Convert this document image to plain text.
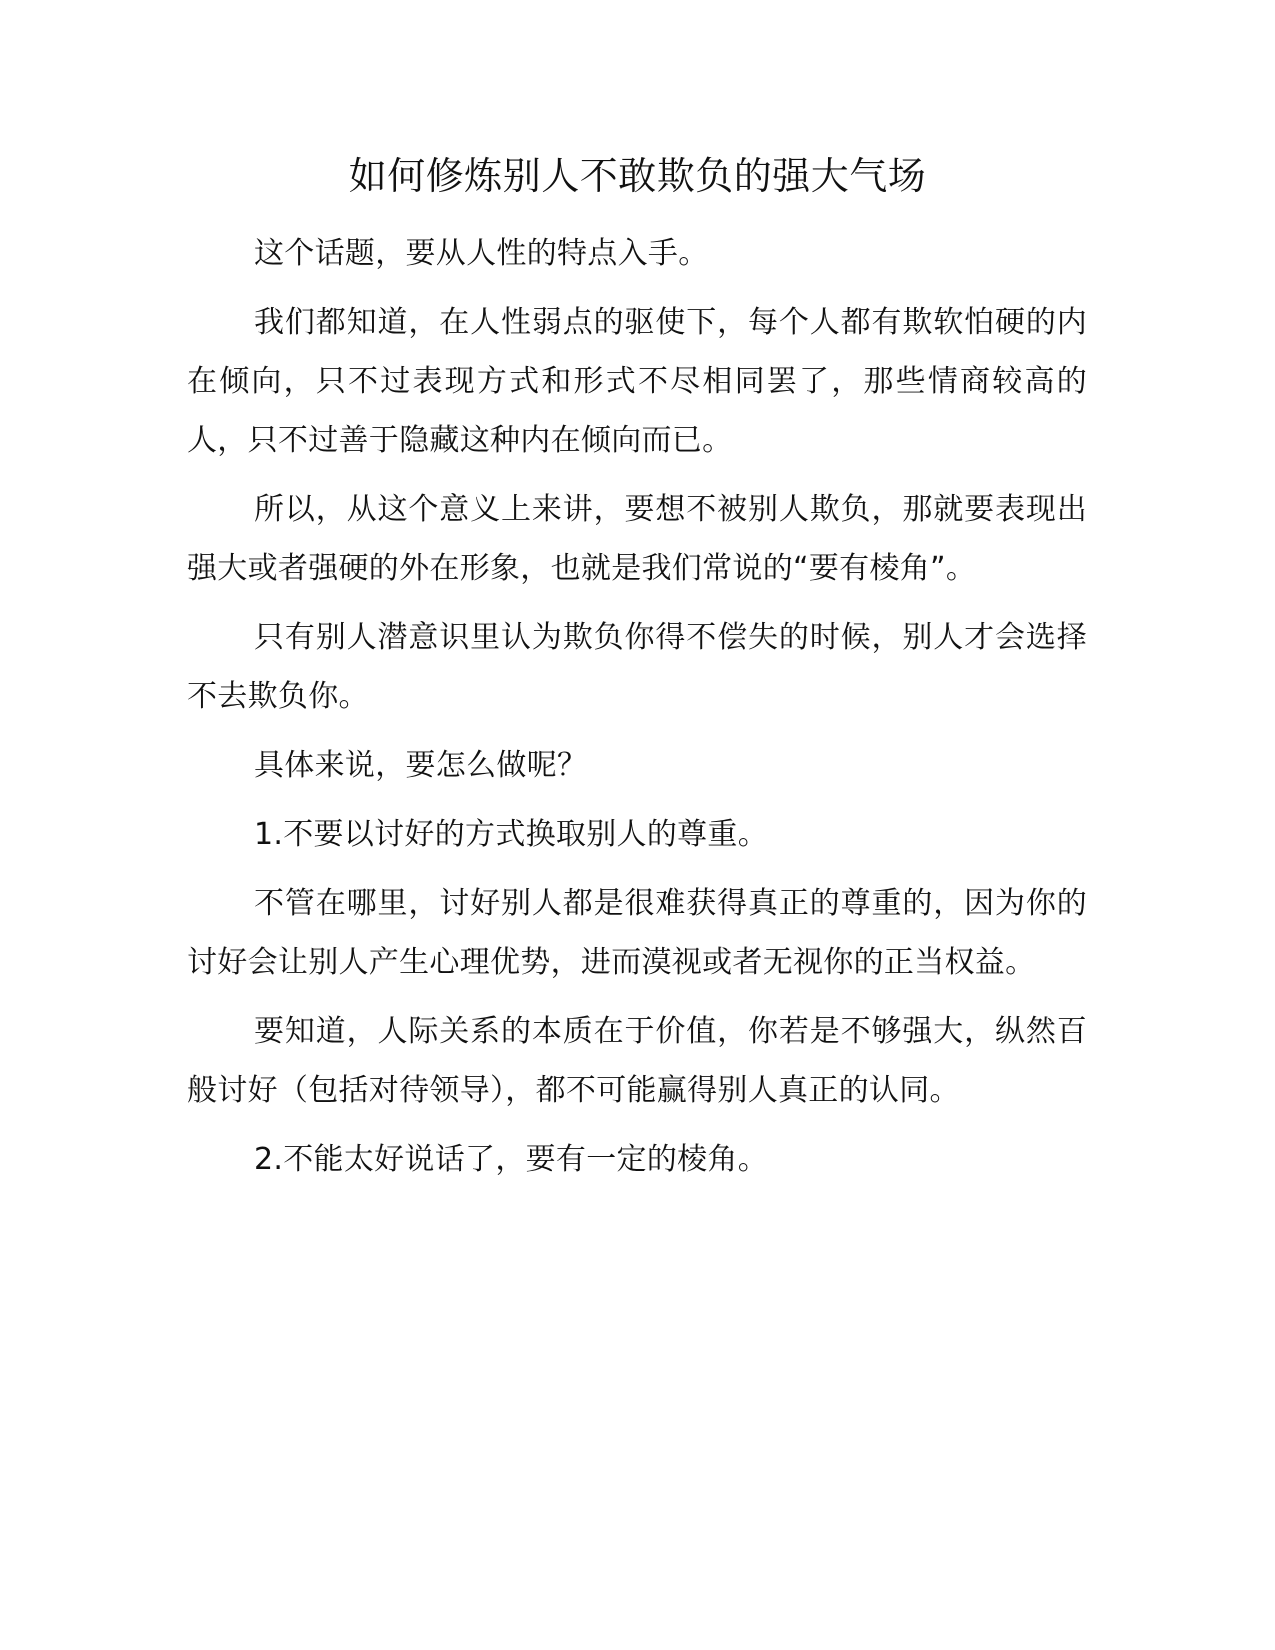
如何修炼别人不敢欺负的强大气场

这个话题，要从人性的特点入手。

我们都知道，在人性弱点的驱使下，每个人都有欺软怕硬的内在倾向，只不过表现方式和形式不尽相同罢了，那些情商较高的人，只不过善于隐藏这种内在倾向而已。

所以，从这个意义上来讲，要想不被别人欺负，那就要表现出强大或者强硬的外在形象，也就是我们常说的“要有棱角”。

只有别人潜意识里认为欺负你得不偿失的时候，别人才会选择不去欺负你。

具体来说，要怎么做呢？

1.不要以讨好的方式换取别人的尊重。

不管在哪里，讨好别人都是很难获得真正的尊重的，因为你的讨好会让别人产生心理优势，进而漠视或者无视你的正当权益。

要知道，人际关系的本质在于价值，你若是不够强大，纵然百般讨好（包括对待领导），都不可能赢得别人真正的认同。

2.不能太好说话了，要有一定的棱角。
